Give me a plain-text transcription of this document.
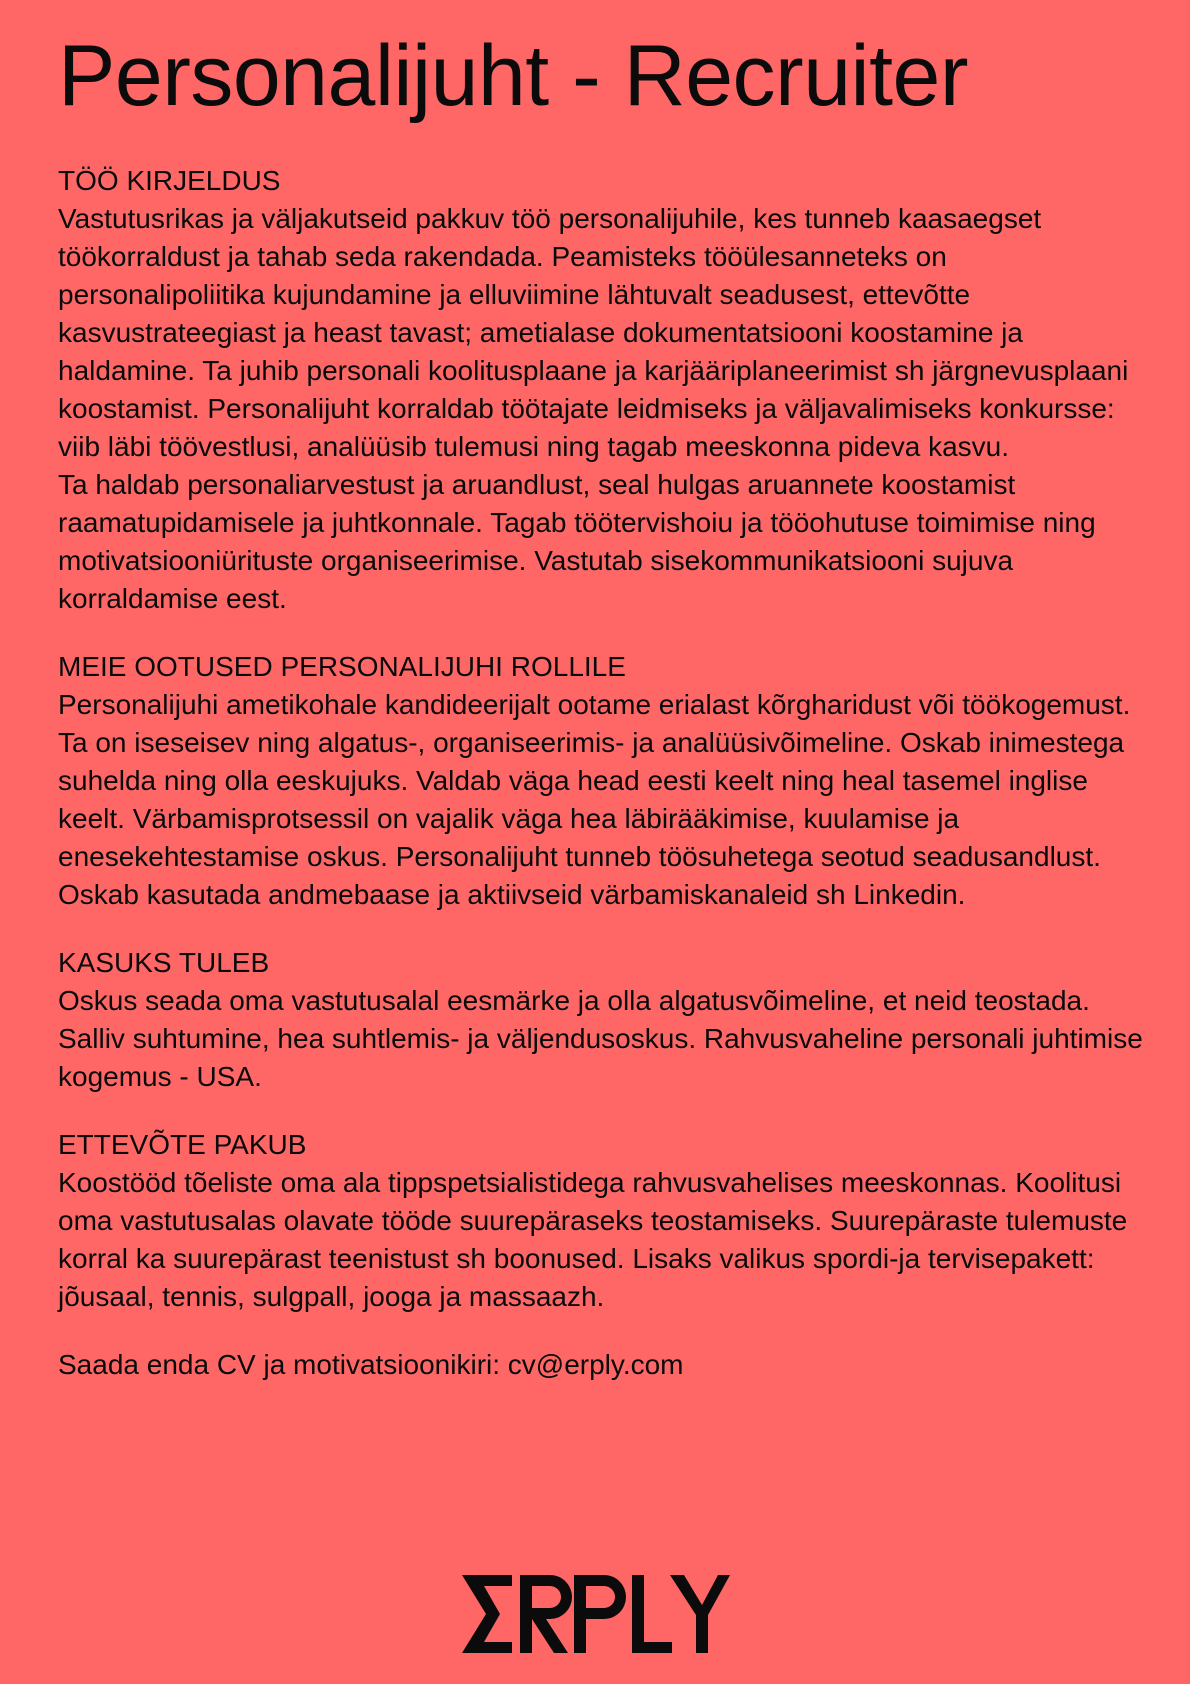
Personalijuht - Recruiter
TÖÖ KIRJELDUS

Vastutusrikas ja väljakutseid pakkuv töö personalijuhile, kes tunneb kaasaegset töökorraldust ja tahab seda rakendada. Peamisteks tööülesanneteks on personalipoliitika kujundamine ja elluviimine lähtuvalt seadusest, ettevõtte kasvustrateegiast ja heast tavast; ametialase dokumentatsiooni koostamine ja haldamine. Ta juhib personali koolitusplaane ja karjääriplaneerimist sh järgnevusplaani koostamist. Personalijuht korraldab töötajate leidmiseks ja väljavalimiseks konkursse: viib läbi töövestlusi, analüüsib tulemusi ning tagab meeskonna pideva kasvu.

Ta haldab personaliarvestust ja aruandlust, seal hulgas aruannete koostamist raamatupidamisele ja juhtkonnale. Tagab töötervishoiu ja tööohutuse toimimise ning motivatsiooniürituste organiseerimise. Vastutab sisekommunikatsiooni sujuva korraldamise eest.

MEIE OOTUSED PERSONALIJUHI ROLLILE

Personalijuhi ametikohale kandideerijalt ootame erialast kõrgharidust või töökogemust. Ta on iseseisev ning algatus-, organiseerimis- ja analüüsivõimeline. Oskab inimestega suhelda ning olla eeskujuks. Valdab väga head eesti keelt ning heal tasemel inglise keelt. Värbamisprotsessil on vajalik väga hea läbirääkimise, kuulamise ja enesekehtestamise oskus. Personalijuht tunneb töösuhetega seotud seadusandlust. Oskab kasutada andmebaase ja aktiivseid värbamiskanaleid sh Linkedin.

KASUKS TULEB

Oskus seada oma vastutusalal eesmärke ja olla algatusvõimeline, et neid teostada. Salliv suhtumine, hea suhtlemis- ja väljendusoskus. Rahvusvaheline personali juhtimise kogemus - USA.

ETTEVÕTE PAKUB

Koostööd tõeliste oma ala tippspetsialistidega rahvusvahelises meeskonnas. Koolitusi oma vastutusalas olavate tööde suurepäraseks teostamiseks. Suurepäraste tulemuste korral ka suurepärast teenistust sh boonused. Lisaks valikus spordi-ja tervisepakett: jõusaal, tennis, sulgpall, jooga ja massaazh.

Saada enda CV ja motivatsioonikiri: cv@erply.com
